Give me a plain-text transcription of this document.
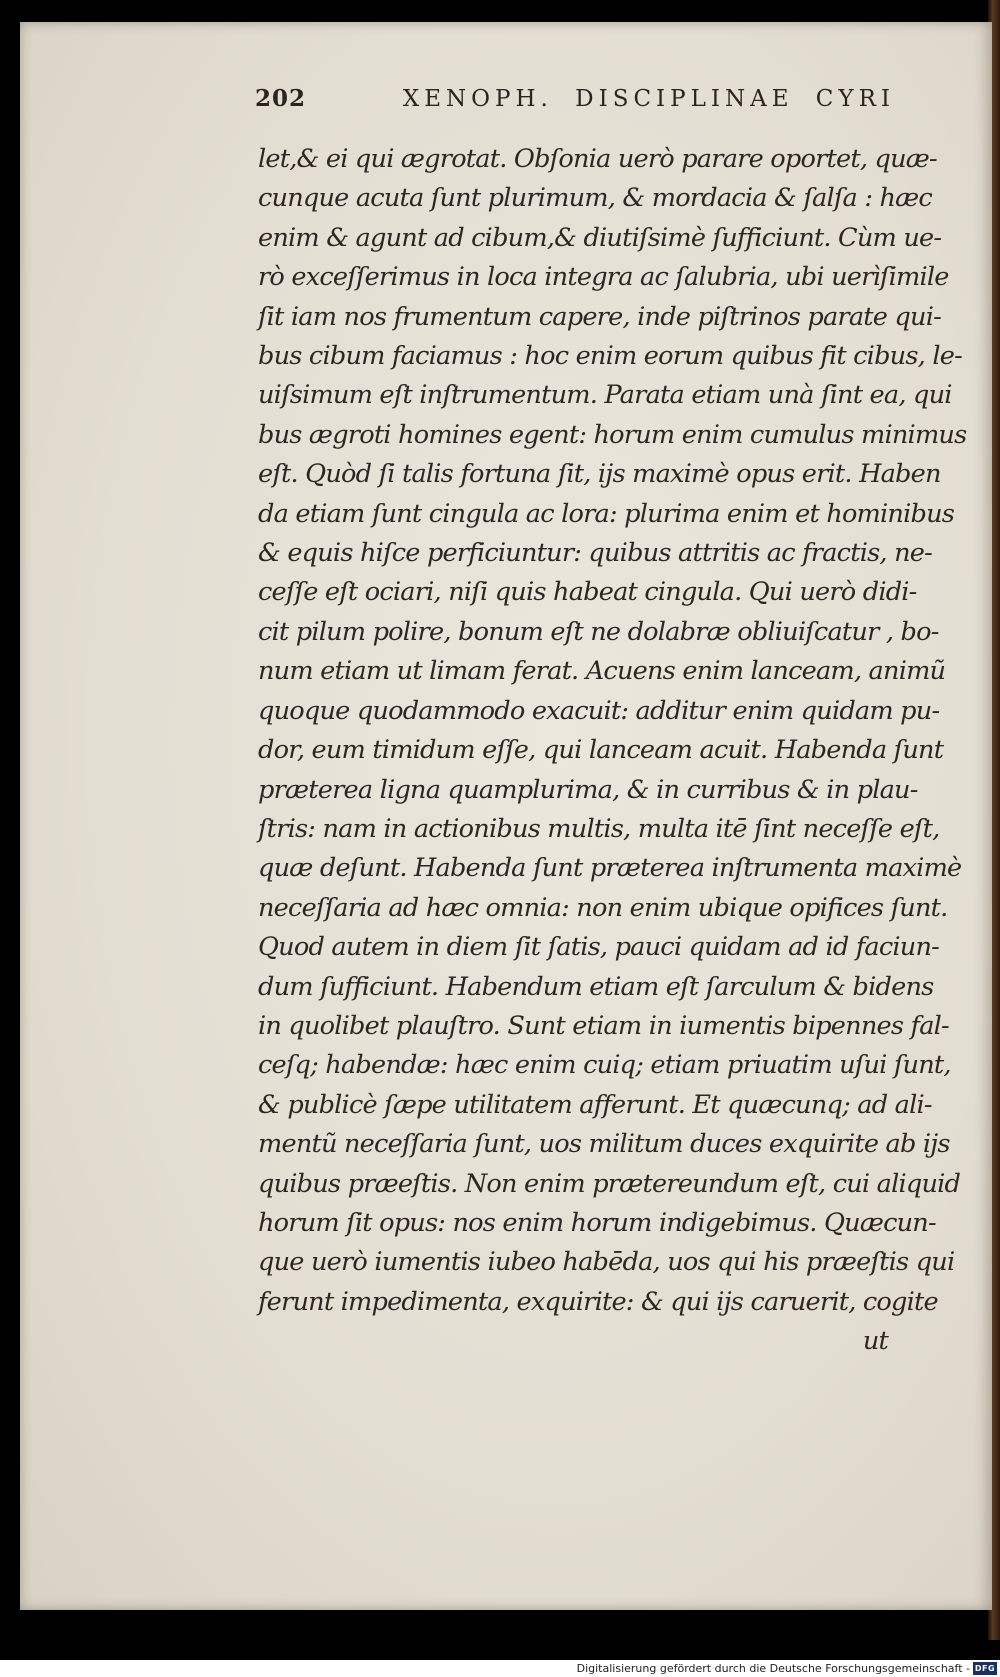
202	XENOPH. DISCIPLINAE CYRI
let,& ei qui ægrotat. Obſonia uerò parare oportet, quæ-
cunque acuta ſunt plurimum, & mordacia & ſalſa : hæc
enim & agunt ad cibum,& diutiſsimè ſufficiunt. Cùm ue-
rò exceſſerimus in loca integra ac ſalubria, ubi uerìſimile
ſit iam nos frumentum capere, inde piſtrinos parate qui-
bus cibum faciamus : hoc enim eorum quibus fit cibus, le-
uiſsimum eſt inſtrumentum. Parata etiam unà ſint ea, qui
bus ægroti homines egent: horum enim cumulus minimus
eſt. Quòd ſi talis fortuna ſit, ijs maximè opus erit. Haben
da etiam ſunt cingula ac lora: plurima enim et hominibus
& equis hiſce perficiuntur: quibus attritis ac fractis, ne-
ceſſe eſt ociari, niſi quis habeat cingula. Qui uerò didi-
cit pilum polire, bonum eſt ne dolabræ obliuiſcatur , bo-
num etiam ut limam ferat. Acuens enim lanceam, animũ
quoque quodammodo exacuit: additur enim quidam pu-
dor, eum timidum eſſe, qui lanceam acuit. Habenda ſunt
præterea ligna quamplurima, & in curribus & in plau-
ſtris: nam in actionibus multis, multa itē ſint neceſſe eſt,
quæ deſunt. Habenda ſunt præterea inſtrumenta maximè
neceſſaria ad hæc omnia: non enim ubique opifices ſunt.
Quod autem in diem ſit ſatis, pauci quidam ad id faciun-
dum ſufficiunt. Habendum etiam eſt ſarculum & bidens
in quolibet plauſtro. Sunt etiam in iumentis bipennes fal-
ceſq; habendæ: hæc enim cuiq; etiam priuatim uſui ſunt,
& publicè ſæpe utilitatem afferunt. Et quæcunq; ad ali-
mentũ neceſſaria ſunt, uos militum duces exquirite ab ijs
quibus præeſtis. Non enim prætereundum eſt, cui aliquid
horum ſit opus: nos enim horum indigebimus. Quæcun-
que uerò iumentis iubeo habēda, uos qui his præeſtis qui
ferunt impedimenta, exquirite: & qui ijs caruerit, cogite
ut
Digitalisierung gefördert durch die Deutsche Forschungsgemeinschaft - DFG
